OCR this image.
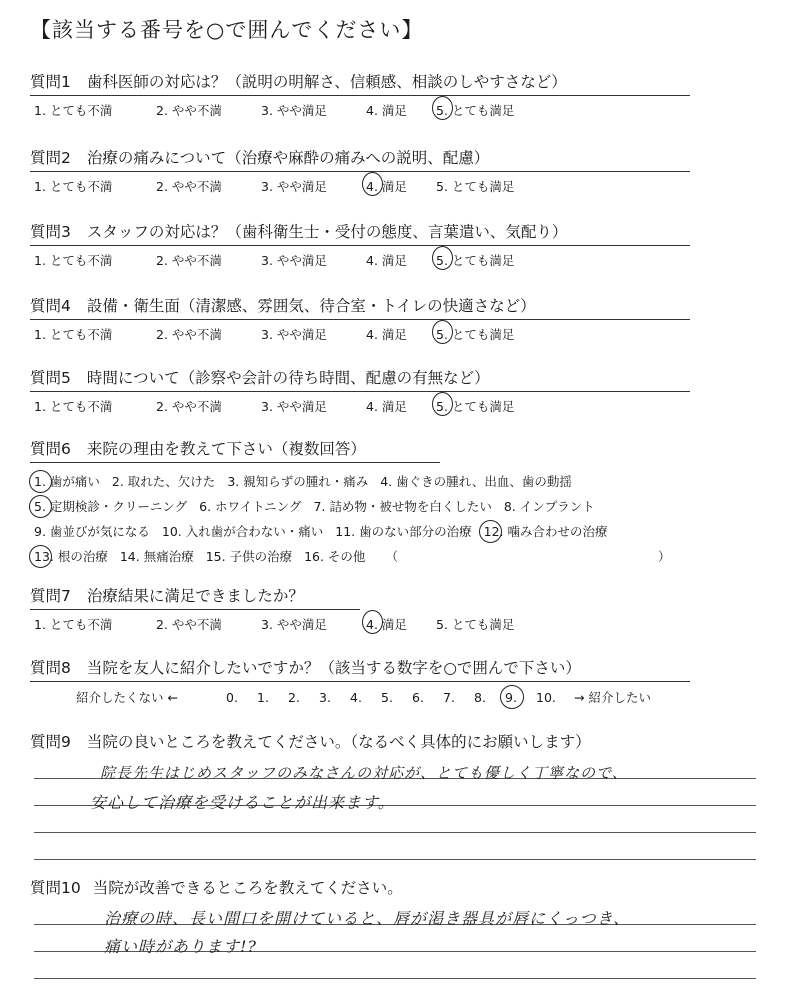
【該当する番号を○で囲んでください】
質問1 歯科医師の対応は？（説明の明解さ、信頼感、相談のしやすさなど）
1. とても不満	2. やや不満	3. やや満足	4. 満足 5. とても満足
質問2 治療の痛みについて（治療や麻酔の痛みへの説明、配慮）
1. とても不満	2. やや不満	3. やや満足	4. 満足 5. とても満足
質問3 スタッフの対応は？（歯科衛生士・受付の態度、言葉遣い、気配り）
1. とても不満	2. やや不満	3. やや満足	4. 満足 5. とても満足
質問4 設備・衛生面（清潔感、雰囲気、待合室・トイレの快適さなど）
1. とても不満	2. やや不満	3. やや満足	4. 満足 5. とても満足
質問5 時間について（診察や会計の待ち時間、配慮の有無など）
1. とても不満	2. やや不満	3. やや満足	4. 満足 5. とても満足
質問6 来院の理由を教えて下さい（複数回答）
1. 歯が痛い 2. 取れた、欠けた 3. 親知らずの腫れ・痛み 4. 歯ぐきの腫れ、出血、歯の動揺
5. 定期検診・クリーニング 6. ホワイトニング 7. 詰め物・被せ物を白くしたい 8. インプラント
9. 歯並びが気になる 10. 入れ歯が合わない・痛い 11. 歯のない部分の治療 12. 噛み合わせの治療
13. 根の治療 14. 無痛治療 15. 子供の治療 16. その他 （	）
質問7 治療結果に満足できましたか？
1. とても不満	2. やや不満	3. やや満足	4. 満足 5. とても満足
質問8 当院を友人に紹介したいですか？（該当する数字を○で囲んで下さい）
紹介したくない ←	0. 1. 2. 3. 4. 5. 6. 7. 8. 9. 10. → 紹介したい
質問9 当院の良いところを教えてください。（なるべく具体的にお願いします）
院長先生はじめスタッフのみなさんの対応が、とても優しく丁寧なので、
安心して治療を受けることが出来ます。
質問10 当院が改善できるところを教えてください。
治療の時、長い間口を開けていると、唇が渇き器具が唇にくっつき、
痛い時があります!?
